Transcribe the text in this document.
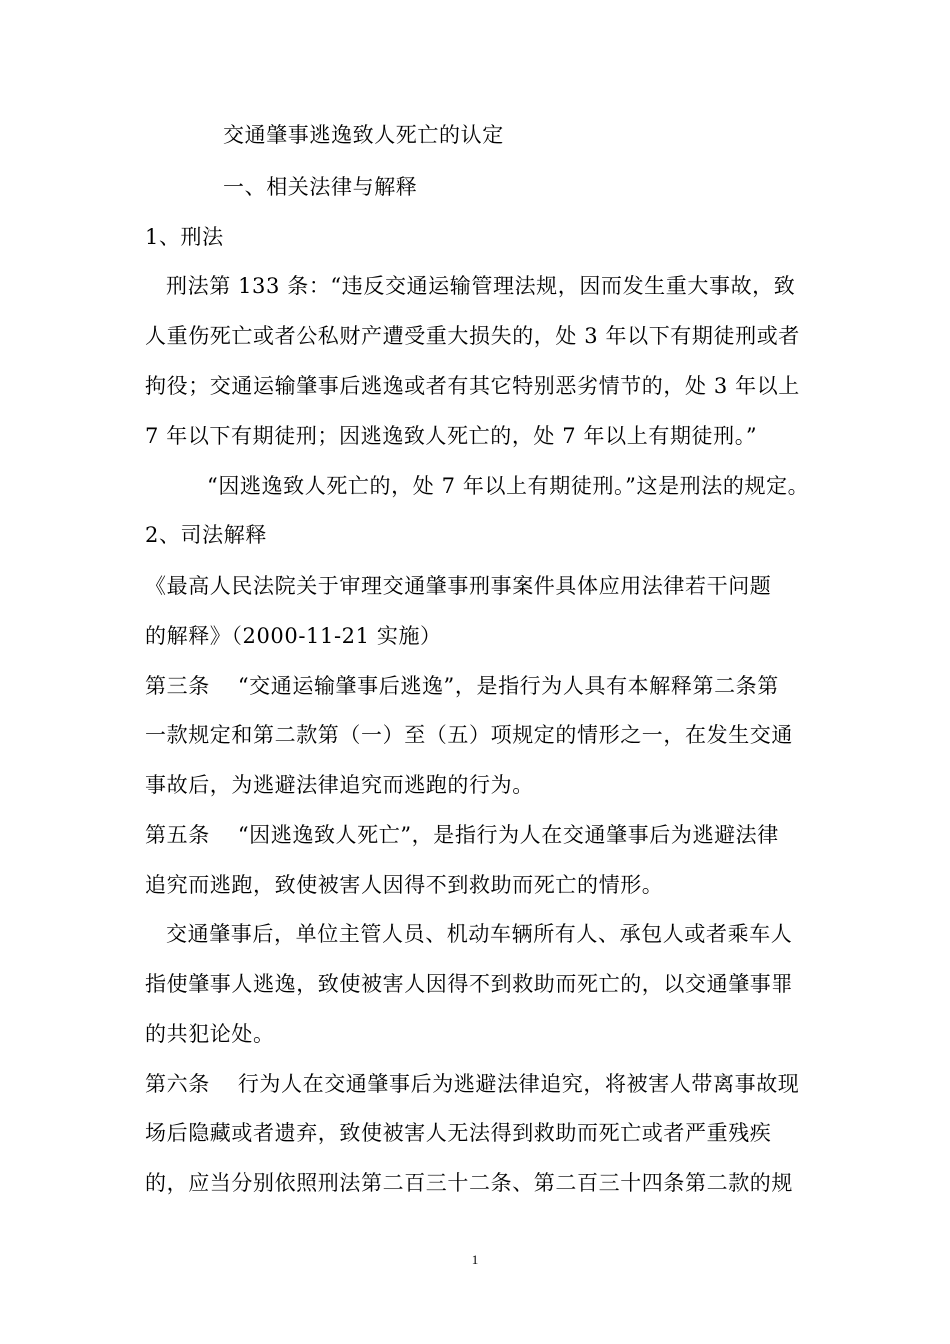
交通肇事逃逸致人死亡的认定
一、相关法律与解释
1、刑法
刑法第 133 条：“违反交通运输管理法规，因而发生重大事故，致
人重伤死亡或者公私财产遭受重大损失的，处 3 年以下有期徒刑或者
拘役；交通运输肇事后逃逸或者有其它特别恶劣情节的，处 3 年以上
7 年以下有期徒刑；因逃逸致人死亡的，处 7 年以上有期徒刑。”
“因逃逸致人死亡的，处 7 年以上有期徒刑。”这是刑法的规定。
2、司法解释
《最高人民法院关于审理交通肇事刑事案件具体应用法律若干问题
的解释》（2000-11-21 实施）
第三条 “交通运输肇事后逃逸”，是指行为人具有本解释第二条第
一款规定和第二款第（一）至（五）项规定的情形之一，在发生交通
事故后，为逃避法律追究而逃跑的行为。
第五条 “因逃逸致人死亡”，是指行为人在交通肇事后为逃避法律
追究而逃跑，致使被害人因得不到救助而死亡的情形。
交通肇事后，单位主管人员、机动车辆所有人、承包人或者乘车人
指使肇事人逃逸，致使被害人因得不到救助而死亡的，以交通肇事罪
的共犯论处。
第六条 行为人在交通肇事后为逃避法律追究，将被害人带离事故现
场后隐藏或者遗弃，致使被害人无法得到救助而死亡或者严重残疾
的，应当分别依照刑法第二百三十二条、第二百三十四条第二款的规
1
